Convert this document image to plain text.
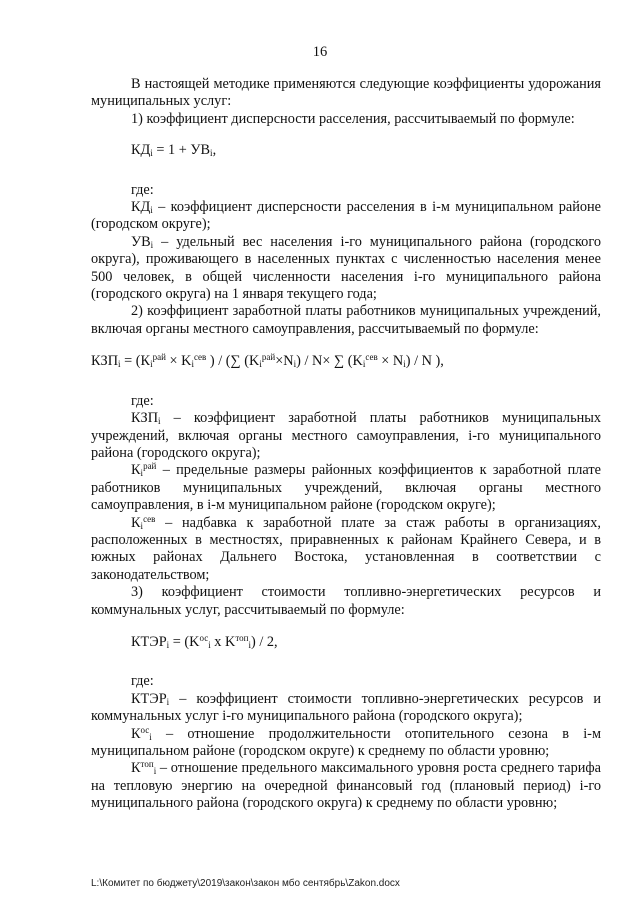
16

В настоящей методике применяются следующие коэффициенты удорожания муниципальных услуг:

1) коэффициент дисперсности расселения, рассчитываемый по формуле:

$КД_i = 1 + УВ_i$,

где:

$КД_i$ – коэффициент дисперсности расселения в i-м муниципальном районе (городском округе);

$УВ_i$ – удельный вес населения i-го муниципального района (городского округа), проживающего в населенных пунктах с численностью населения менее 500 человек, в общей численности населения i-го муниципального района (городского округа) на 1 января текущего года;

2) коэффициент заработной платы работников муниципальных учреждений, включая органы местного самоуправления, рассчитываемый по формуле:

$КЗП_i = (К_i^{рай} \times K_i^{сев}$ ) / (∑ $(K_i^{рай}\times N_i) / N\times$ ∑ $(K_i^{сев} \times N_i) / N$ ),

где:

$КЗП_i$ – коэффициент заработной платы работников муниципальных учреждений, включая органы местного самоуправления, i-го муниципального района (городского округа);

$К_i^{рай}$ – предельные размеры районных коэффициентов к заработной плате работников муниципальных учреждений, включая органы местного самоуправления, в i-м муниципальном районе (городском округе);

$К_i^{сев}$ – надбавка к заработной плате за стаж работы в организациях, расположенных в местностях, приравненных к районам Крайнего Севера, и в южных районах Дальнего Востока, установленная в соответствии с законодательством;

3) коэффициент стоимости топливно-энергетических ресурсов и коммунальных услуг, рассчитываемый по формуле:

$КТЭР_i = (K^{ос}_i$ x $K^{топ}_i) / 2$,

где:

$КТЭР_i$ – коэффициент стоимости топливно-энергетических ресурсов и коммунальных услуг i-го муниципального района (городского округа);

$К^{ос}_i$ – отношение продолжительности отопительного сезона в i-м муниципальном районе (городском округе) к среднему по области уровню;

$К^{топ}_i$ – отношение предельного максимального уровня роста среднего тарифа на тепловую энергию на очередной финансовый год (плановый период) i-го муниципального района (городского округа) к среднему по области уровню;

L:\Комитет по бюджету\2019\закон\закон мбо сентябрь\Zakon.docx
